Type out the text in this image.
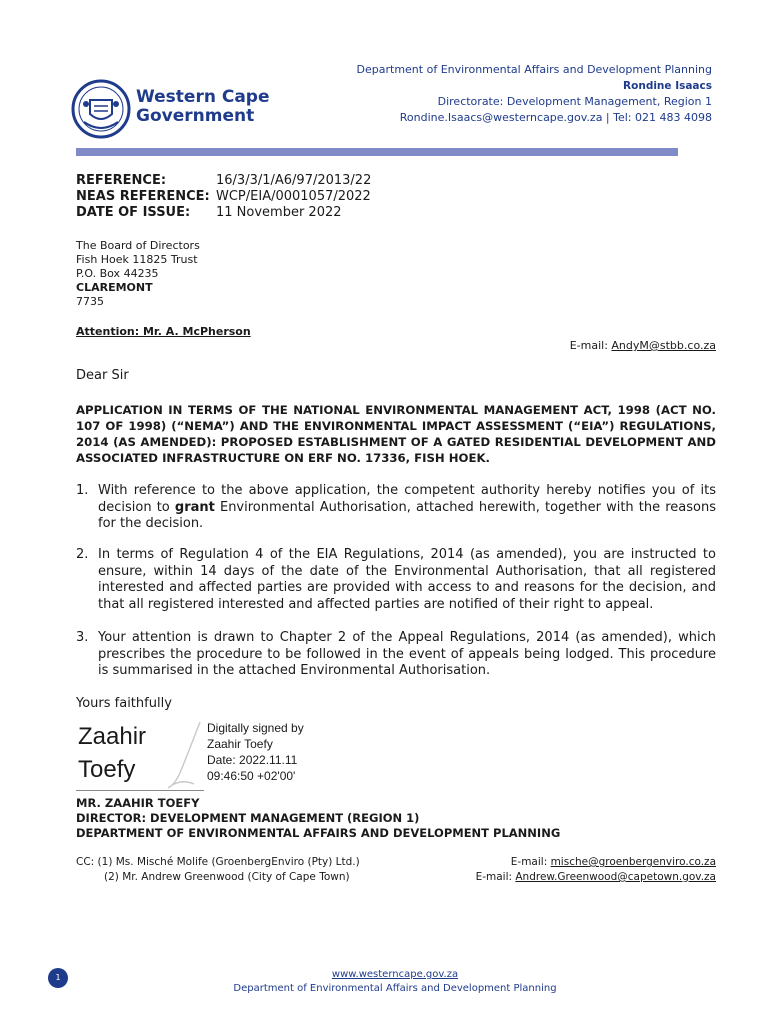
Western Cape
Government
Department of Environmental Affairs and Development Planning
Rondine Isaacs
Directorate: Development Management, Region 1
Rondine.Isaacs@westerncape.gov.za | Tel: 021 483 4098
REFERENCE:	16/3/3/1/A6/97/2013/22
NEAS REFERENCE: WCP/EIA/0001057/2022
DATE OF ISSUE:	11 November 2022
The Board of Directors
Fish Hoek 11825 Trust
P.O. Box 44235
CLAREMONT
7735
Attention: Mr. A. McPherson
E-mail: AndyM@stbb.co.za
Dear Sir
APPLICATION IN TERMS OF THE NATIONAL ENVIRONMENTAL MANAGEMENT ACT, 1998 (ACT NO. 107 OF 1998) (“NEMA”) AND THE ENVIRONMENTAL IMPACT ASSESSMENT (“EIA”) REGULATIONS, 2014 (AS AMENDED): PROPOSED ESTABLISHMENT OF A GATED RESIDENTIAL DEVELOPMENT AND ASSOCIATED INFRASTRUCTURE ON ERF NO. 17336, FISH HOEK.
1. With reference to the above application, the competent authority hereby notifies you of its decision to grant Environmental Authorisation, attached herewith, together with the reasons for the decision.
2. In terms of Regulation 4 of the EIA Regulations, 2014 (as amended), you are instructed to ensure, within 14 days of the date of the Environmental Authorisation, that all registered interested and affected parties are provided with access to and reasons for the decision, and that all registered interested and affected parties are notified of their right to appeal.
3. Your attention is drawn to Chapter 2 of the Appeal Regulations, 2014 (as amended), which prescribes the procedure to be followed in the event of appeals being lodged. This procedure is summarised in the attached Environmental Authorisation.
Yours faithfully
Zaahir
Toefy
Digitally signed by
Zaahir Toefy
Date: 2022.11.11
09:46:50 +02'00'
MR. ZAAHIR TOEFY
DIRECTOR: DEVELOPMENT MANAGEMENT (REGION 1)
DEPARTMENT OF ENVIRONMENTAL AFFAIRS AND DEVELOPMENT PLANNING
CC: (1) Ms. Misché Molife (GroenbergEnviro (Pty) Ltd.)	E-mail: mische@groenbergenviro.co.za
(2) Mr. Andrew Greenwood (City of Cape Town)	E-mail: Andrew.Greenwood@capetown.gov.za
1	www.westerncape.gov.za
Department of Environmental Affairs and Development Planning
